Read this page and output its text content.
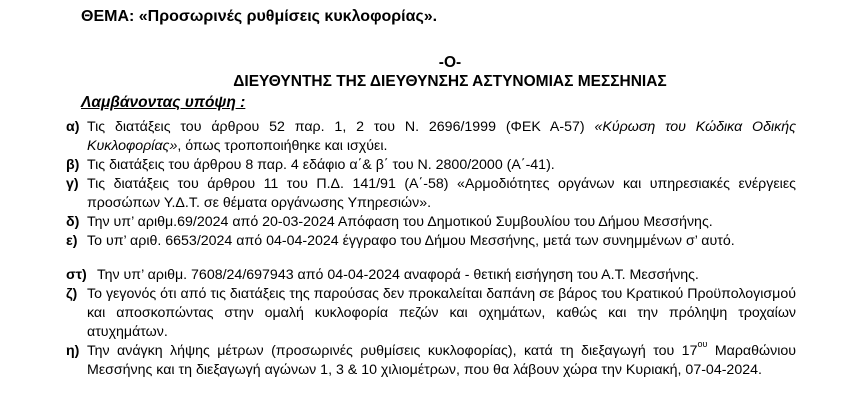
ΘΕΜΑ: «Προσωρινές ρυθμίσεις κυκλοφορίας».
-Ο-
ΔΙΕΥΘΥΝΤΗΣ ΤΗΣ ΔΙΕΥΘΥΝΣΗΣ ΑΣΤΥΝΟΜΙΑΣ ΜΕΣΣΗΝΙΑΣ
Λαμβάνοντας υπόψη :
α) Τις διατάξεις του άρθρου 52 παρ. 1, 2 του Ν. 2696/1999 (ΦΕΚ Α-57) «Κύρωση του Κώδικα Οδικής Κυκλοφορίας», όπως τροποποιήθηκε και ισχύει.
β) Τις διατάξεις του άρθρου 8 παρ. 4 εδάφιο α΄& β΄ του Ν. 2800/2000 (Α΄-41).
γ) Τις διατάξεις του άρθρου 11 του Π.Δ. 141/91 (Α΄-58) «Αρμοδιότητες οργάνων και υπηρεσιακές ενέργειες προσώπων Υ.Δ.Τ. σε θέματα οργάνωσης Υπηρεσιών».
δ) Την υπ’ αριθμ.69/2024 από 20-03-2024 Απόφαση του Δημοτικού Συμβουλίου του Δήμου Μεσσήνης.
ε) Το υπ’ αριθ. 6653/2024 από 04-04-2024 έγγραφο του Δήμου Μεσσήνης, μετά των συνημμένων σ’ αυτό.
στ) Την υπ’ αριθμ. 7608/24/697943 από 04-04-2024 αναφορά - θετική εισήγηση του Α.Τ. Μεσσήνης.
ζ) Το γεγονός ότι από τις διατάξεις της παρούσας δεν προκαλείται δαπάνη σε βάρος του Κρατικού Προϋπολογισμού και αποσκοπώντας στην ομαλή κυκλοφορία πεζών και οχημάτων, καθώς και την πρόληψη τροχαίων ατυχημάτων.
η) Την ανάγκη λήψης μέτρων (προσωρινές ρυθμίσεις κυκλοφορίας), κατά τη διεξαγωγή του $17^{o\upsilon}$ Μαραθώνιου Μεσσήνης και τη διεξαγωγή αγώνων 1, 3 & 10 χιλιομέτρων, που θα λάβουν χώρα την Κυριακή, 07-04-2024.
